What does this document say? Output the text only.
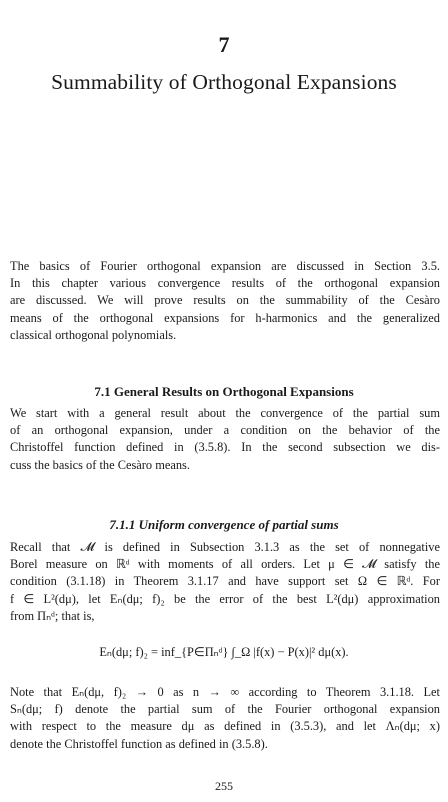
7
Summability of Orthogonal Expansions
The basics of Fourier orthogonal expansion are discussed in Section 3.5.
In this chapter various convergence results of the orthogonal expansion
are discussed. We will prove results on the summability of the Cesàro
means of the orthogonal expansions for h-harmonics and the generalized
classical orthogonal polynomials.
7.1 General Results on Orthogonal Expansions
We start with a general result about the convergence of the partial sum
of an orthogonal expansion, under a condition on the behavior of the
Christoffel function defined in (3.5.8). In the second subsection we dis-
cuss the basics of the Cesàro means.
7.1.1 Uniform convergence of partial sums
Recall that 𝓜 is defined in Subsection 3.1.3 as the set of nonnegative
Borel measure on ℝᵈ with moments of all orders. Let μ ∈ 𝓜 satisfy the
condition (3.1.18) in Theorem 3.1.17 and have support set Ω ∈ ℝᵈ. For
f ∈ L²(dμ), let Eₙ(dμ; f)₂ be the error of the best L²(dμ) approximation
from Πₙᵈ; that is,
Eₙ(dμ; f)₂ = inf_{P∈Πₙᵈ} ∫_Ω |f(x) − P(x)|² dμ(x).
Note that Eₙ(dμ, f)₂ → 0 as n → ∞ according to Theorem 3.1.18. Let
Sₙ(dμ; f) denote the partial sum of the Fourier orthogonal expansion
with respect to the measure dμ as defined in (3.5.3), and let Λₙ(dμ; x)
denote the Christoffel function as defined in (3.5.8).
255
